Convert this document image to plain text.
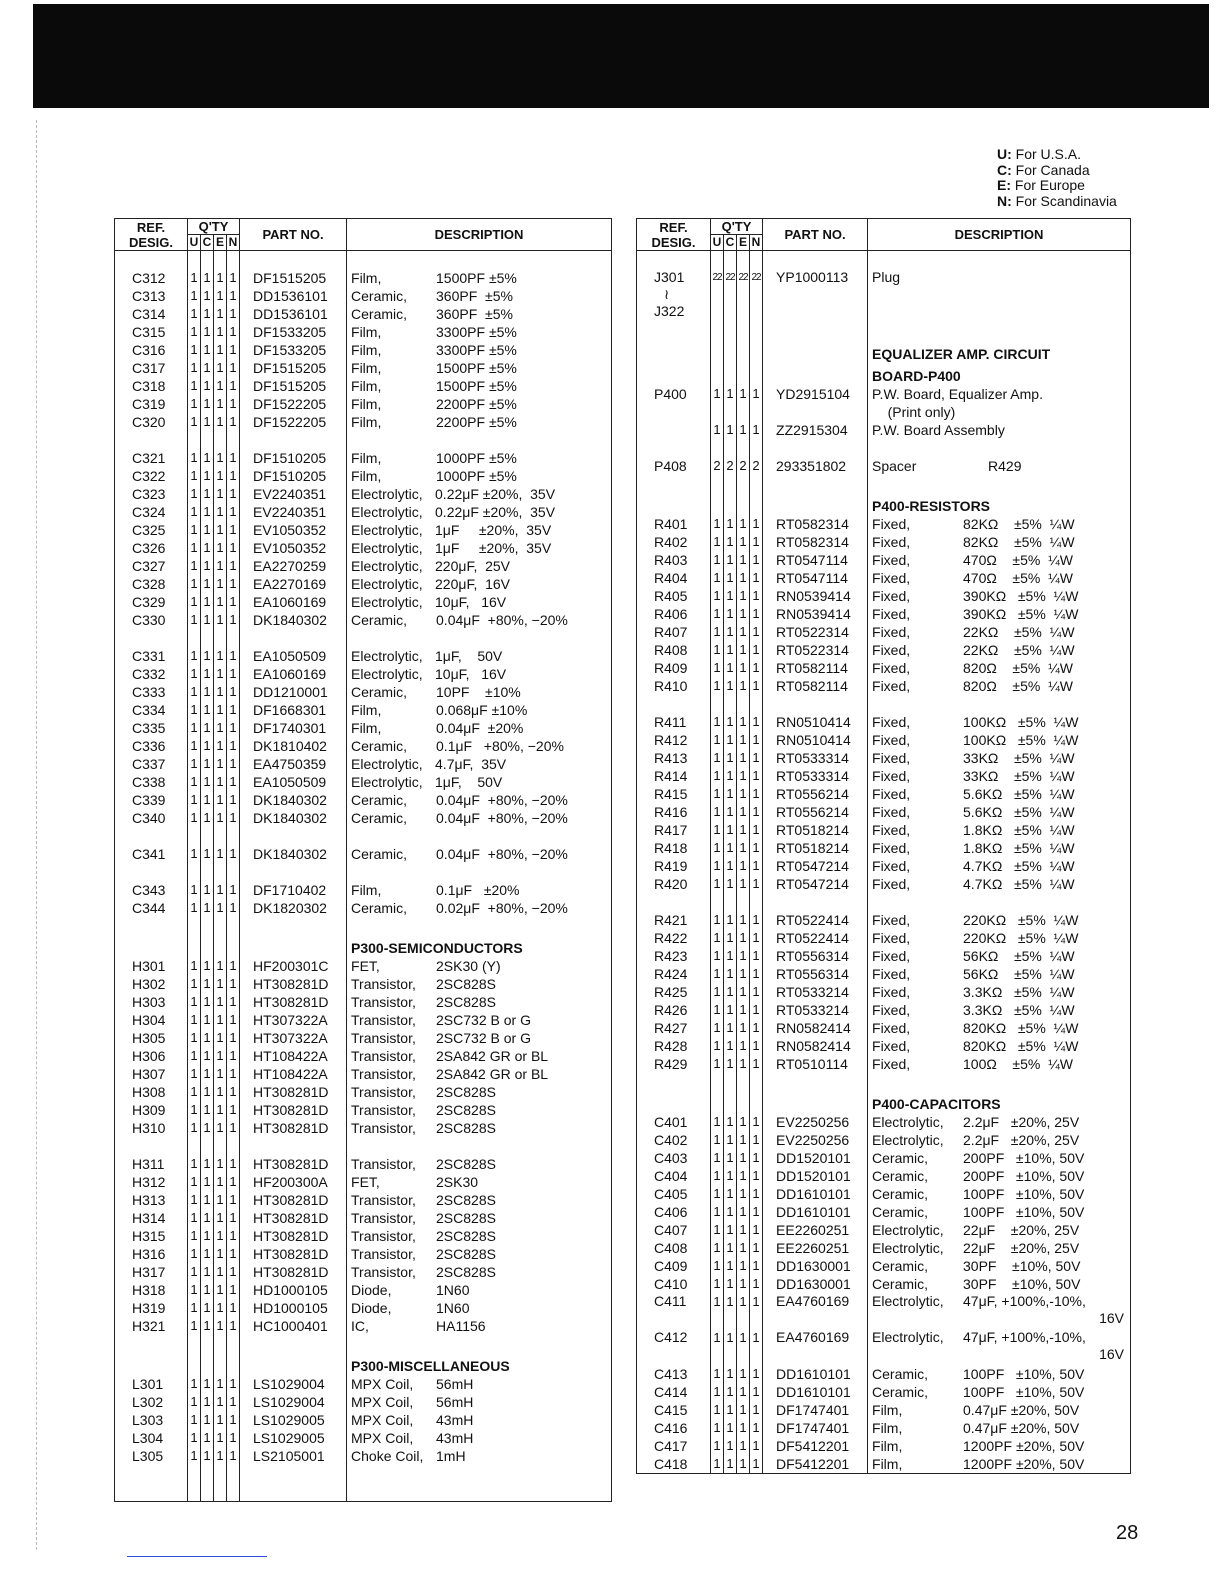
U: For U.S.A.
C: For Canada
E: For Europe
N: For Scandinavia
REF.
DESIG.	Q'TY				PART NO.	DESCRIPTION
	U	C	E	N		

C312	1	1	1	1	DF1515205	Film, 1500PF ±5%

C313	1	1	1	1	DD1536101	Ceramic, 360PF  ±5%

C314	1	1	1	1	DD1536101	Ceramic, 360PF  ±5%

C315	1	1	1	1	DF1533205	Film, 3300PF ±5%

C316	1	1	1	1	DF1533205	Film, 3300PF ±5%

C317	1	1	1	1	DF1515205	Film, 1500PF ±5%

C318	1	1	1	1	DF1515205	Film, 1500PF ±5%

C319	1	1	1	1	DF1522205	Film, 2200PF ±5%

C320	1	1	1	1	DF1522205	Film, 2200PF ±5%

C321	1	1	1	1	DF1510205	Film, 1000PF ±5%

C322	1	1	1	1	DF1510205	Film, 1000PF ±5%

C323	1	1	1	1	EV2240351	Electrolytic, 0.22μF ±20%,  35V

C324	1	1	1	1	EV2240351	Electrolytic, 0.22μF ±20%,  35V

C325	1	1	1	1	EV1050352	Electrolytic, 1μF     ±20%,  35V

C326	1	1	1	1	EV1050352	Electrolytic, 1μF     ±20%,  35V

C327	1	1	1	1	EA2270259	Electrolytic, 220μF,  25V

C328	1	1	1	1	EA2270169	Electrolytic, 220μF,  16V

C329	1	1	1	1	EA1060169	Electrolytic, 10μF,   16V

C330	1	1	1	1	DK1840302	Ceramic, 0.04μF  +80%, −20%

C331	1	1	1	1	EA1050509	Electrolytic, 1μF,    50V

C332	1	1	1	1	EA1060169	Electrolytic, 10μF,   16V

C333	1	1	1	1	DD1210001	Ceramic, 10PF    ±10%

C334	1	1	1	1	DF1668301	Film, 0.068μF ±10%

C335	1	1	1	1	DF1740301	Film, 0.04μF  ±20%

C336	1	1	1	1	DK1810402	Ceramic, 0.1μF   +80%, −20%

C337	1	1	1	1	EA4750359	Electrolytic, 4.7μF,  35V

C338	1	1	1	1	EA1050509	Electrolytic, 1μF,    50V

C339	1	1	1	1	DK1840302	Ceramic, 0.04μF  +80%, −20%

C340	1	1	1	1	DK1840302	Ceramic, 0.04μF  +80%, −20%

C341	1	1	1	1	DK1840302	Ceramic, 0.04μF  +80%, −20%

C343	1	1	1	1	DF1710402	Film, 0.1μF   ±20%

C344	1	1	1	1	DK1820302	Ceramic, 0.02μF  +80%, −20%

						P300-SEMICONDUCTORS
H301	1	1	1	1	HF200301C	FET, 2SK30 (Y)

H302	1	1	1	1	HT308281D	Transistor, 2SC828S

H303	1	1	1	1	HT308281D	Transistor, 2SC828S

H304	1	1	1	1	HT307322A	Transistor, 2SC732 B or G

H305	1	1	1	1	HT307322A	Transistor, 2SC732 B or G

H306	1	1	1	1	HT108422A	Transistor, 2SA842 GR or BL

H307	1	1	1	1	HT108422A	Transistor, 2SA842 GR or BL

H308	1	1	1	1	HT308281D	Transistor, 2SC828S

H309	1	1	1	1	HT308281D	Transistor, 2SC828S

H310	1	1	1	1	HT308281D	Transistor, 2SC828S

H311	1	1	1	1	HT308281D	Transistor, 2SC828S

H312	1	1	1	1	HF200300A	FET, 2SK30

H313	1	1	1	1	HT308281D	Transistor, 2SC828S

H314	1	1	1	1	HT308281D	Transistor, 2SC828S

H315	1	1	1	1	HT308281D	Transistor, 2SC828S

H316	1	1	1	1	HT308281D	Transistor, 2SC828S

H317	1	1	1	1	HT308281D	Transistor, 2SC828S

H318	1	1	1	1	HD1000105	Diode, 1N60

H319	1	1	1	1	HD1000105	Diode, 1N60

H321	1	1	1	1	HC1000401	IC, HA1156

						P300-MISCELLANEOUS
L301	1	1	1	1	LS1029004	MPX Coil, 56mH

L302	1	1	1	1	LS1029004	MPX Coil, 56mH

L303	1	1	1	1	LS1029005	MPX Coil, 43mH

L304	1	1	1	1	LS1029005	MPX Coil, 43mH

L305	1	1	1	1	LS2105001	Choke Coil, 1mH

REF.
DESIG.	Q'TY				PART NO.	DESCRIPTION
	U	C	E	N		

J301
≀
J322	22	22	22	22	YP1000113	Plug

						EQUALIZER AMP. CIRCUIT
						BOARD-P400
P400	1	1	1	1	YD2915104	P.W. Board, Equalizer Amp.

						(Print only)

	1	1	1	1	ZZ2915304	P.W. Board Assembly

P408	2	2	2	2	293351802	Spacer R429

						P400-RESISTORS
R401	1	1	1	1	RT0582314	Fixed, 82KΩ    ±5%  ¼W

R402	1	1	1	1	RT0582314	Fixed, 82KΩ    ±5%  ¼W

R403	1	1	1	1	RT0547114	Fixed, 470Ω    ±5%  ¼W

R404	1	1	1	1	RT0547114	Fixed, 470Ω    ±5%  ¼W

R405	1	1	1	1	RN0539414	Fixed, 390KΩ   ±5%  ¼W

R406	1	1	1	1	RN0539414	Fixed, 390KΩ   ±5%  ¼W

R407	1	1	1	1	RT0522314	Fixed, 22KΩ    ±5%  ¼W

R408	1	1	1	1	RT0522314	Fixed, 22KΩ    ±5%  ¼W

R409	1	1	1	1	RT0582114	Fixed, 820Ω    ±5%  ¼W

R410	1	1	1	1	RT0582114	Fixed, 820Ω    ±5%  ¼W

R411	1	1	1	1	RN0510414	Fixed, 100KΩ   ±5%  ¼W

R412	1	1	1	1	RN0510414	Fixed, 100KΩ   ±5%  ¼W

R413	1	1	1	1	RT0533314	Fixed, 33KΩ    ±5%  ¼W

R414	1	1	1	1	RT0533314	Fixed, 33KΩ    ±5%  ¼W

R415	1	1	1	1	RT0556214	Fixed, 5.6KΩ   ±5%  ¼W

R416	1	1	1	1	RT0556214	Fixed, 5.6KΩ   ±5%  ¼W

R417	1	1	1	1	RT0518214	Fixed, 1.8KΩ   ±5%  ¼W

R418	1	1	1	1	RT0518214	Fixed, 1.8KΩ   ±5%  ¼W

R419	1	1	1	1	RT0547214	Fixed, 4.7KΩ   ±5%  ¼W

R420	1	1	1	1	RT0547214	Fixed, 4.7KΩ   ±5%  ¼W

R421	1	1	1	1	RT0522414	Fixed, 220KΩ   ±5%  ¼W

R422	1	1	1	1	RT0522414	Fixed, 220KΩ   ±5%  ¼W

R423	1	1	1	1	RT0556314	Fixed, 56KΩ    ±5%  ¼W

R424	1	1	1	1	RT0556314	Fixed, 56KΩ    ±5%  ¼W

R425	1	1	1	1	RT0533214	Fixed, 3.3KΩ   ±5%  ¼W

R426	1	1	1	1	RT0533214	Fixed, 3.3KΩ   ±5%  ¼W

R427	1	1	1	1	RN0582414	Fixed, 820KΩ   ±5%  ¼W

R428	1	1	1	1	RN0582414	Fixed, 820KΩ   ±5%  ¼W

R429	1	1	1	1	RT0510114	Fixed, 100Ω    ±5%  ¼W

						P400-CAPACITORS
C401	1	1	1	1	EV2250256	Electrolytic, 2.2μF   ±20%, 25V

C402	1	1	1	1	EV2250256	Electrolytic, 2.2μF   ±20%, 25V

C403	1	1	1	1	DD1520101	Ceramic, 200PF   ±10%, 50V

C404	1	1	1	1	DD1520101	Ceramic, 200PF   ±10%, 50V

C405	1	1	1	1	DD1610101	Ceramic, 100PF   ±10%, 50V

C406	1	1	1	1	DD1610101	Ceramic, 100PF   ±10%, 50V

C407	1	1	1	1	EE2260251	Electrolytic, 22μF    ±20%, 25V

C408	1	1	1	1	EE2260251	Electrolytic, 22μF    ±20%, 25V

C409	1	1	1	1	DD1630001	Ceramic, 30PF    ±10%, 50V

C410	1	1	1	1	DD1630001	Ceramic, 30PF    ±10%, 50V

C411	1	1	1	1	EA4760169	Electrolytic, 47μF, +100%,-10%,
16V

C412	1	1	1	1	EA4760169	Electrolytic, 47μF, +100%,-10%,
16V

C413	1	1	1	1	DD1610101	Ceramic, 100PF   ±10%, 50V

C414	1	1	1	1	DD1610101	Ceramic, 100PF   ±10%, 50V

C415	1	1	1	1	DF1747401	Film, 0.47μF ±20%, 50V

C416	1	1	1	1	DF1747401	Film, 0.47μF ±20%, 50V

C417	1	1	1	1	DF5412201	Film, 1200PF ±20%, 50V

C418	1	1	1	1	DF5412201	Film, 1200PF ±20%, 50V
28
